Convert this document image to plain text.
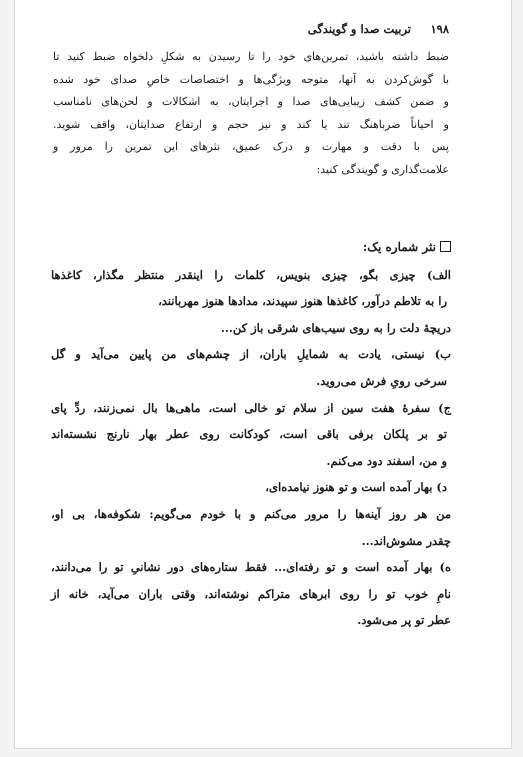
۱۹۸
تربیت صدا و گویندگی
ضبط داشته باشید، تمرین‌های خود را تا رسیدن به شکلِ دلخواه ضبط کنید تا
با گوش‌کردن به آنها، متوجه ویژگی‌ها و اختصاصات خاصِ صدای خود شده
و ضمن کشف زیبایی‌های صدا و اجرایتان، به اشکالات و لحن‌های نامناسب
و احیاناً ضرباهنگ تند یا کند و نیز حجم و ارتفاع صدایتان، واقف شوید.
پس با دقت و مهارت و درک عمیق، نثرهای این تمرین را مرور و
علامت‌گذاری و گویندگی کنید:
نثر شماره یک:
الف) چیزی بگو، چیزی بنویس، کلمات را اینقدر منتظر مگذار، کاغذها
را به تلاطم درآور، کاغذها هنوز سپیدند، مدادها هنوز مهربانند،
دریچهٔ دلت را به روی سیب‌های شرقی باز کن...
ب) نیستی، یادت به شمایلِ باران، از چشم‌های من پایین می‌آید و گل
سرخی رویِ فرش می‌روید.
ج) سفرهٔ هفت سین از سلام تو خالی است، ماهی‌ها بال نمی‌زنند، ردِّ پای
تو بر پلکان برفی باقی است، کودکانت روی عطر بهار نارنج نشسته‌اند
و من، اسفند دود می‌کنم.
د) بهار آمده است و تو هنوز نیامده‌ای،
من هر روز آینه‌ها را مرور می‌کنم و با خودم می‌گویم: شکوفه‌ها، بی او،
چقدر مشوش‌اند...
ه) بهار آمده است و تو رفته‌ای... فقط ستاره‌های دور نشانیِ تو را می‌دانند،
نامِ خوب تو را روی ابرهای متراکم نوشته‌اند، وقتی باران می‌آید، خانه از
عطر تو پر می‌شود.
